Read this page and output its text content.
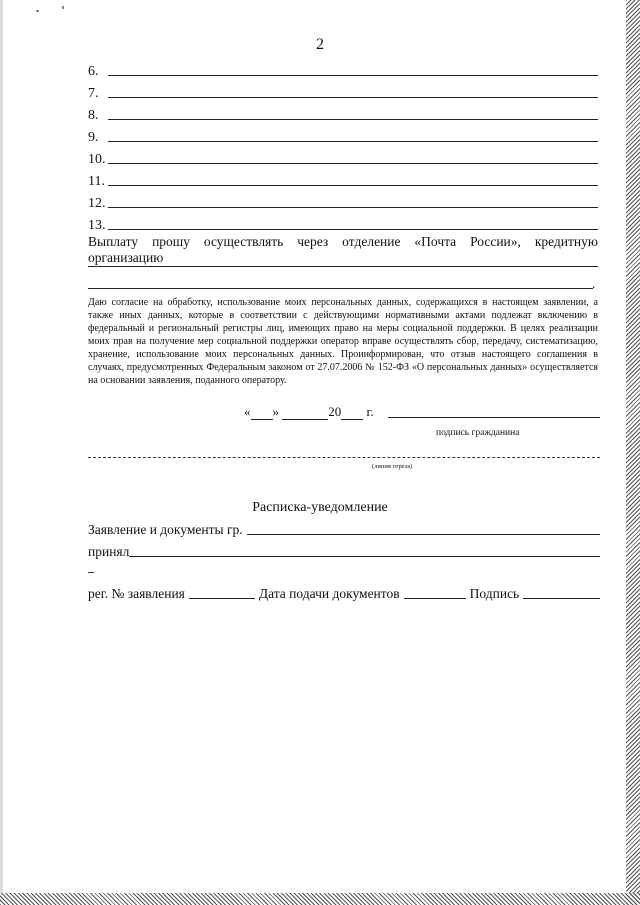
2
6.
7.
8.
9.
10.
11.
12.
13.
Выплату прошу осуществлять через отделение «Почта России», кредитную организацию
.

Даю согласие на обработку, использование моих персональных данных, содержащихся в настоящем заявлении, а также иных данных, которые в соответствии с действующими нормативными актами подлежат включению в федеральный и региональный регистры лиц, имеющих право на меры социальной поддержки. В целях реализации моих прав на получение мер социальной поддержки оператор вправе осуществлять сбор, передачу, систематизацию, хранение, использование моих персональных данных. Проинформирован, что отзыв настоящего соглашения в случаях, предусмотренных Федеральным законом от 27.07.2006 № 152-ФЗ «О персональных данных» осуществляется на основании заявления, поданного оператору.

« »	20 г.
подпись гражданина
(линия отреза)
Расписка-уведомление
Заявление и документы гр.
принял
рег. № заявления	Дата подачи документов	Подпись
